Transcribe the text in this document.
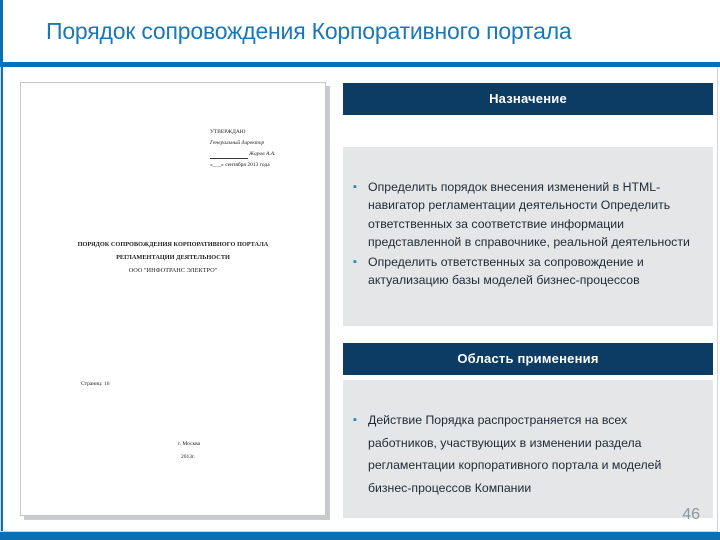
Порядок сопровождения Корпоративного портала
УТВЕРЖДАЮ
Генеральный директор
Жаров А.А.
«___» сентября 2013 года
ПОРЯДОК СОПРОВОЖДЕНИЯ КОРПОРАТИВНОГО ПОРТАЛА
РЕГЛАМЕНТАЦИИ ДЕЯТЕЛЬНОСТИ
ООО "ИНФОТРАНС ЭЛЕКТРО"
Страниц: 16
г. Москва
2013г.
Назначение
▪ Определить порядок внесения изменений в HTML-навигатор регламентации деятельности Определить ответственных за соответствие информации представленной в справочнике, реальной деятельности
▪ Определить ответственных за сопровождение и актуализацию базы моделей бизнес-процессов
Область применения
▪ Действие Порядка распространяется на всех работников, участвующих в изменении раздела регламентации корпоративного портала и моделей бизнес-процессов Компании
46
